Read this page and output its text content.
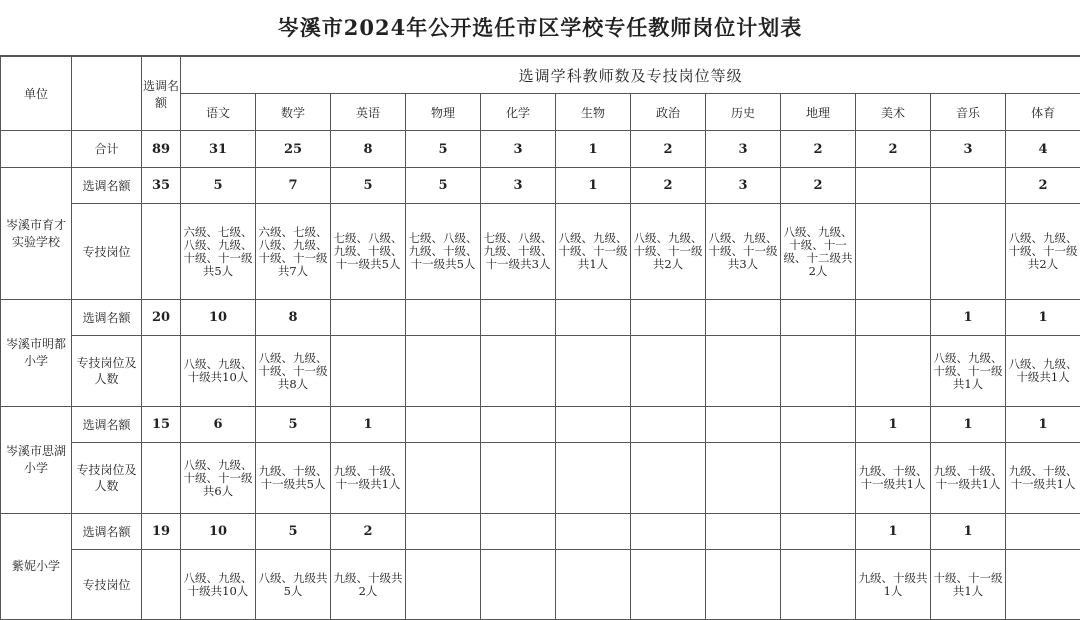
岑溪市2024年公开选任市区学校专任教师岗位计划表
单位		选调名额	选调学科教师数及专技岗位等级											
			语文	数学	英语	物理	化学	生物	政治	历史	地理	美术	音乐	体育
	合计	89	31	25	8	5	3	1	2	3	2	2	3	4
岑溪市育才实验学校	选调名额	35	5	7	5	5	3	1	2	3	2			2
	专技岗位		六级、七级、八级、九级、十级、十一级共5人	六级、七级、八级、九级、十级、十一级共7人	七级、八级、九级、十级、十一级共5人	七级、八级、九级、十级、十一级共5人	七级、八级、九级、十级、十一级共3人	八级、九级、十级、十一级共1人	八级、九级、十级、十一级共2人	八级、九级、十级、十一级共3人	八级、九级、十级、十一级、十二级共2人			八级、九级、十级、十一级共2人
岑溪市明都小学	选调名额	20	10	8									1	1
	专技岗位及人数		八级、九级、十级共10人	八级、九级、十级、十一级共8人									八级、九级、十级、十一级共1人	八级、九级、十级共1人
岑溪市思湖小学	选调名额	15	6	5	1							1	1	1
	专技岗位及人数		八级、九级、十级、十一级共6人	九级、十级、十一级共5人	九级、十级、十一级共1人							九级、十级、十一级共1人	九级、十级、十一级共1人	九级、十级、十一级共1人
紫妮小学	选调名额	19	10	5	2							1	1	
	专技岗位		八级、九级、十级共10人	八级、九级共5人	九级、十级共2人							九级、十级共1人	十级、十一级共1人	
